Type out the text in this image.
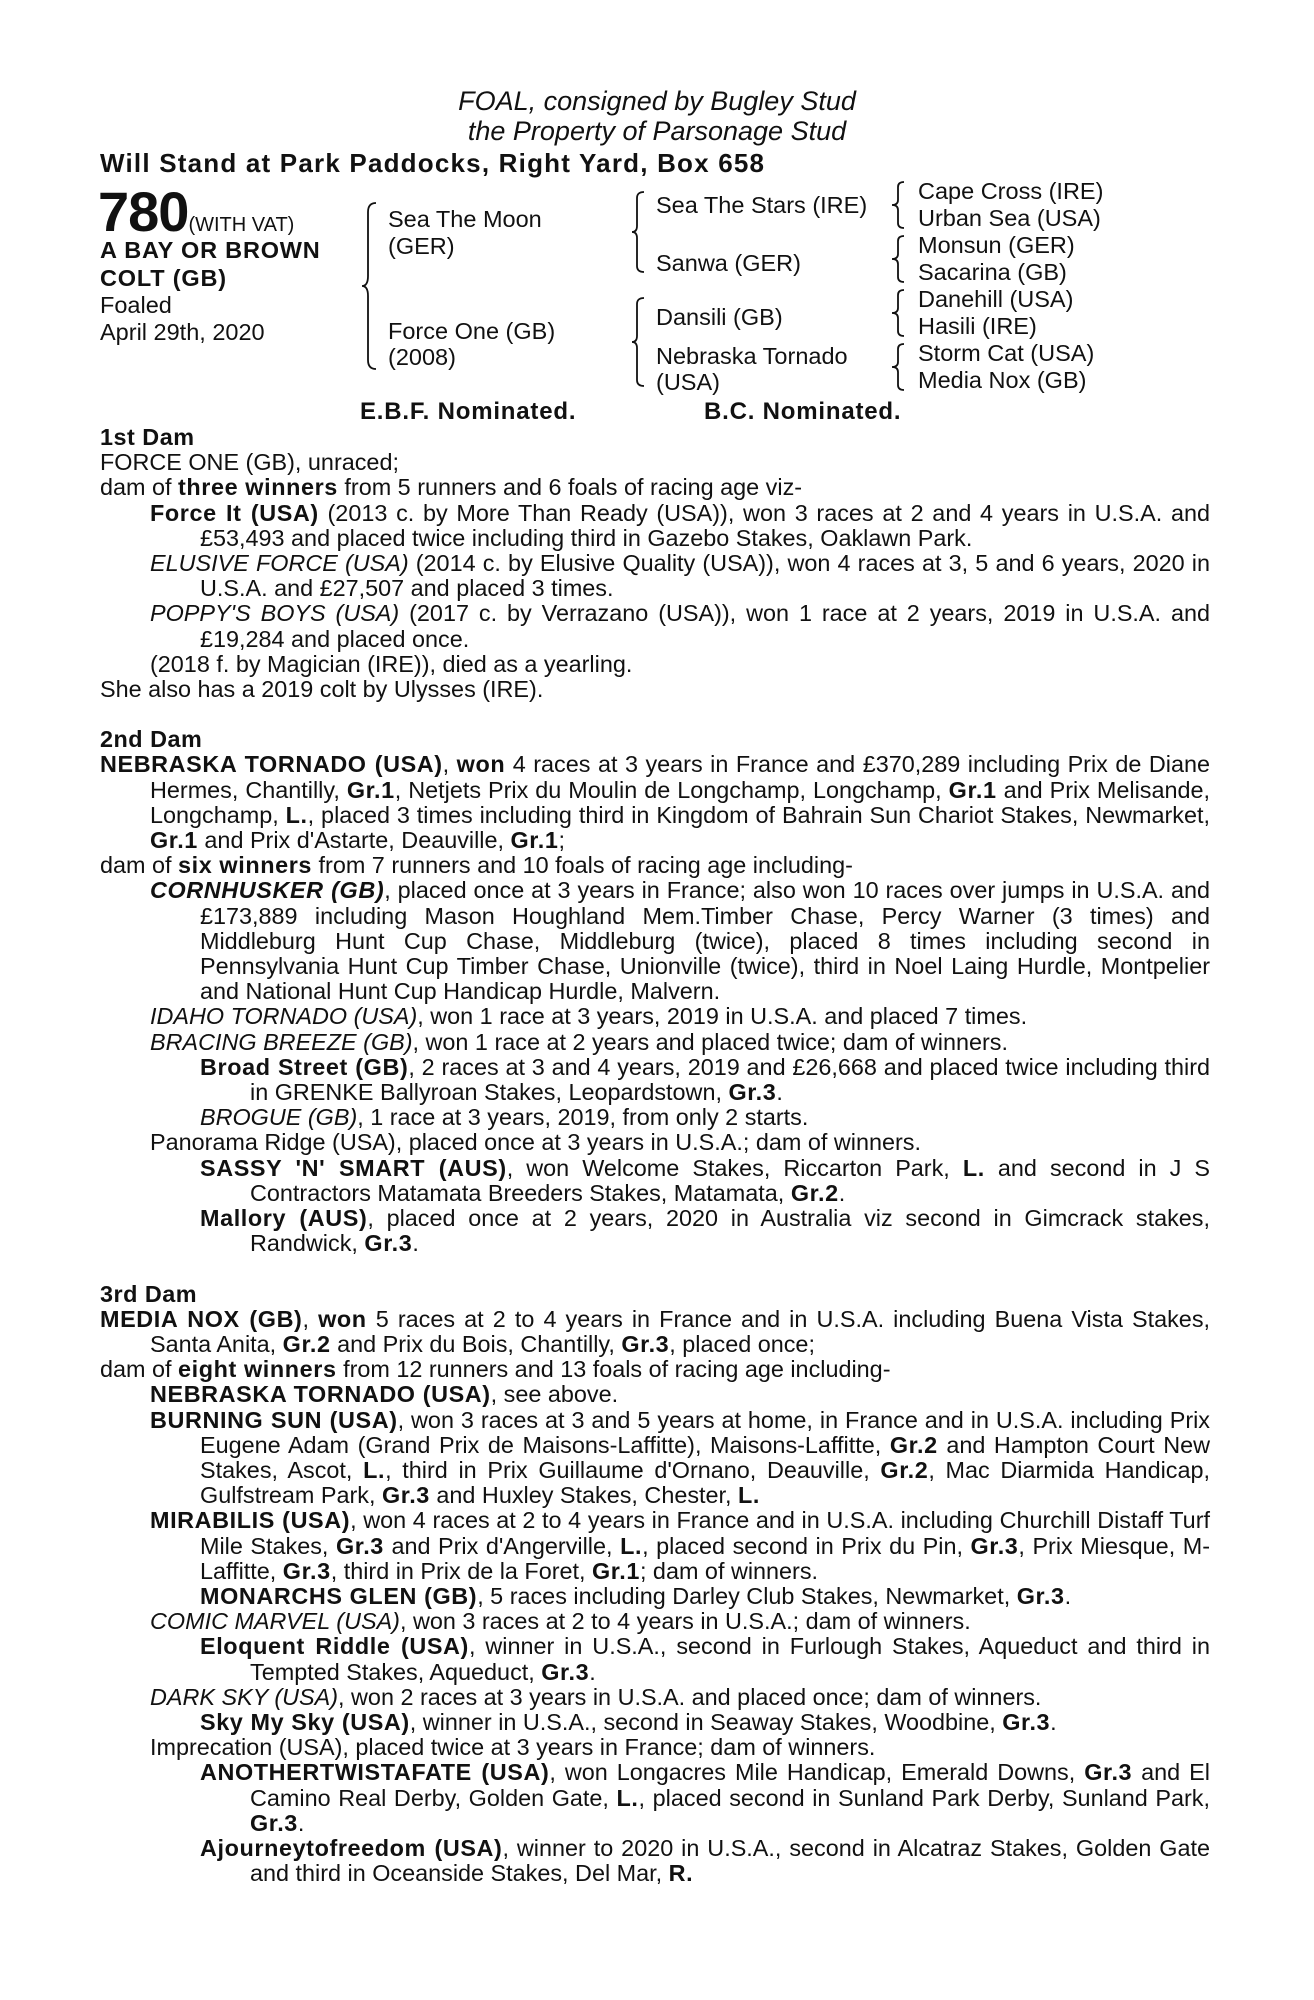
FOAL, consigned by Bugley Stud
the Property of Parsonage Stud
Will Stand at Park Paddocks, Right Yard, Box 658
780(WITH VAT)
A BAY OR BROWN
COLT (GB)
Foaled
April 29th, 2020
Sea The Moon
(GER)
Force One (GB)
(2008)
Sea The Stars (IRE)
Sanwa (GER)
Dansili (GB)
Nebraska Tornado
(USA)
Cape Cross (IRE)
Urban Sea (USA)
Monsun (GER)
Sacarina (GB)
Danehill (USA)
Hasili (IRE)
Storm Cat (USA)
Media Nox (GB)
E.B.F. Nominated.	B.C. Nominated.
1st Dam
FORCE ONE (GB), unraced;
dam of three winners from 5 runners and 6 foals of racing age viz-
Force It (USA) (2013 c. by More Than Ready (USA)), won 3 races at 2 and 4 years in U.S.A. and £53,493 and placed twice including third in Gazebo Stakes, Oaklawn Park.
ELUSIVE FORCE (USA) (2014 c. by Elusive Quality (USA)), won 4 races at 3, 5 and 6 years, 2020 in U.S.A. and £27,507 and placed 3 times.
POPPY'S BOYS (USA) (2017 c. by Verrazano (USA)), won 1 race at 2 years, 2019 in U.S.A. and £19,284 and placed once.
(2018 f. by Magician (IRE)), died as a yearling.
She also has a 2019 colt by Ulysses (IRE).
2nd Dam
NEBRASKA TORNADO (USA), won 4 races at 3 years in France and £370,289 including Prix de Diane Hermes, Chantilly, Gr.1, Netjets Prix du Moulin de Longchamp, Longchamp, Gr.1 and Prix Melisande, Longchamp, L., placed 3 times including third in Kingdom of Bahrain Sun Chariot Stakes, Newmarket, Gr.1 and Prix d'Astarte, Deauville, Gr.1;
dam of six winners from 7 runners and 10 foals of racing age including-
CORNHUSKER (GB), placed once at 3 years in France; also won 10 races over jumps in U.S.A. and £173,889 including Mason Houghland Mem.Timber Chase, Percy Warner (3 times) and Middleburg Hunt Cup Chase, Middleburg (twice), placed 8 times including second in Pennsylvania Hunt Cup Timber Chase, Unionville (twice), third in Noel Laing Hurdle, Montpelier and National Hunt Cup Handicap Hurdle, Malvern.
IDAHO TORNADO (USA), won 1 race at 3 years, 2019 in U.S.A. and placed 7 times.
BRACING BREEZE (GB), won 1 race at 2 years and placed twice; dam of winners.
Broad Street (GB), 2 races at 3 and 4 years, 2019 and £26,668 and placed twice including third in GRENKE Ballyroan Stakes, Leopardstown, Gr.3.
BROGUE (GB), 1 race at 3 years, 2019, from only 2 starts.
Panorama Ridge (USA), placed once at 3 years in U.S.A.; dam of winners.
SASSY 'N' SMART (AUS), won Welcome Stakes, Riccarton Park, L. and second in J S Contractors Matamata Breeders Stakes, Matamata, Gr.2.
Mallory (AUS), placed once at 2 years, 2020 in Australia viz second in Gimcrack stakes, Randwick, Gr.3.
3rd Dam
MEDIA NOX (GB), won 5 races at 2 to 4 years in France and in U.S.A. including Buena Vista Stakes, Santa Anita, Gr.2 and Prix du Bois, Chantilly, Gr.3, placed once;
dam of eight winners from 12 runners and 13 foals of racing age including-
NEBRASKA TORNADO (USA), see above.
BURNING SUN (USA), won 3 races at 3 and 5 years at home, in France and in U.S.A. including Prix Eugene Adam (Grand Prix de Maisons-Laffitte), Maisons-Laffitte, Gr.2 and Hampton Court New Stakes, Ascot, L., third in Prix Guillaume d'Ornano, Deauville, Gr.2, Mac Diarmida Handicap, Gulfstream Park, Gr.3 and Huxley Stakes, Chester, L.
MIRABILIS (USA), won 4 races at 2 to 4 years in France and in U.S.A. including Churchill Distaff Turf Mile Stakes, Gr.3 and Prix d'Angerville, L., placed second in Prix du Pin, Gr.3, Prix Miesque, M-Laffitte, Gr.3, third in Prix de la Foret, Gr.1; dam of winners.
MONARCHS GLEN (GB), 5 races including Darley Club Stakes, Newmarket, Gr.3.
COMIC MARVEL (USA), won 3 races at 2 to 4 years in U.S.A.; dam of winners.
Eloquent Riddle (USA), winner in U.S.A., second in Furlough Stakes, Aqueduct and third in Tempted Stakes, Aqueduct, Gr.3.
DARK SKY (USA), won 2 races at 3 years in U.S.A. and placed once; dam of winners.
Sky My Sky (USA), winner in U.S.A., second in Seaway Stakes, Woodbine, Gr.3.
Imprecation (USA), placed twice at 3 years in France; dam of winners.
ANOTHERTWISTAFATE (USA), won Longacres Mile Handicap, Emerald Downs, Gr.3 and El Camino Real Derby, Golden Gate, L., placed second in Sunland Park Derby, Sunland Park, Gr.3.
Ajourneytofreedom (USA), winner to 2020 in U.S.A., second in Alcatraz Stakes, Golden Gate and third in Oceanside Stakes, Del Mar, R.
